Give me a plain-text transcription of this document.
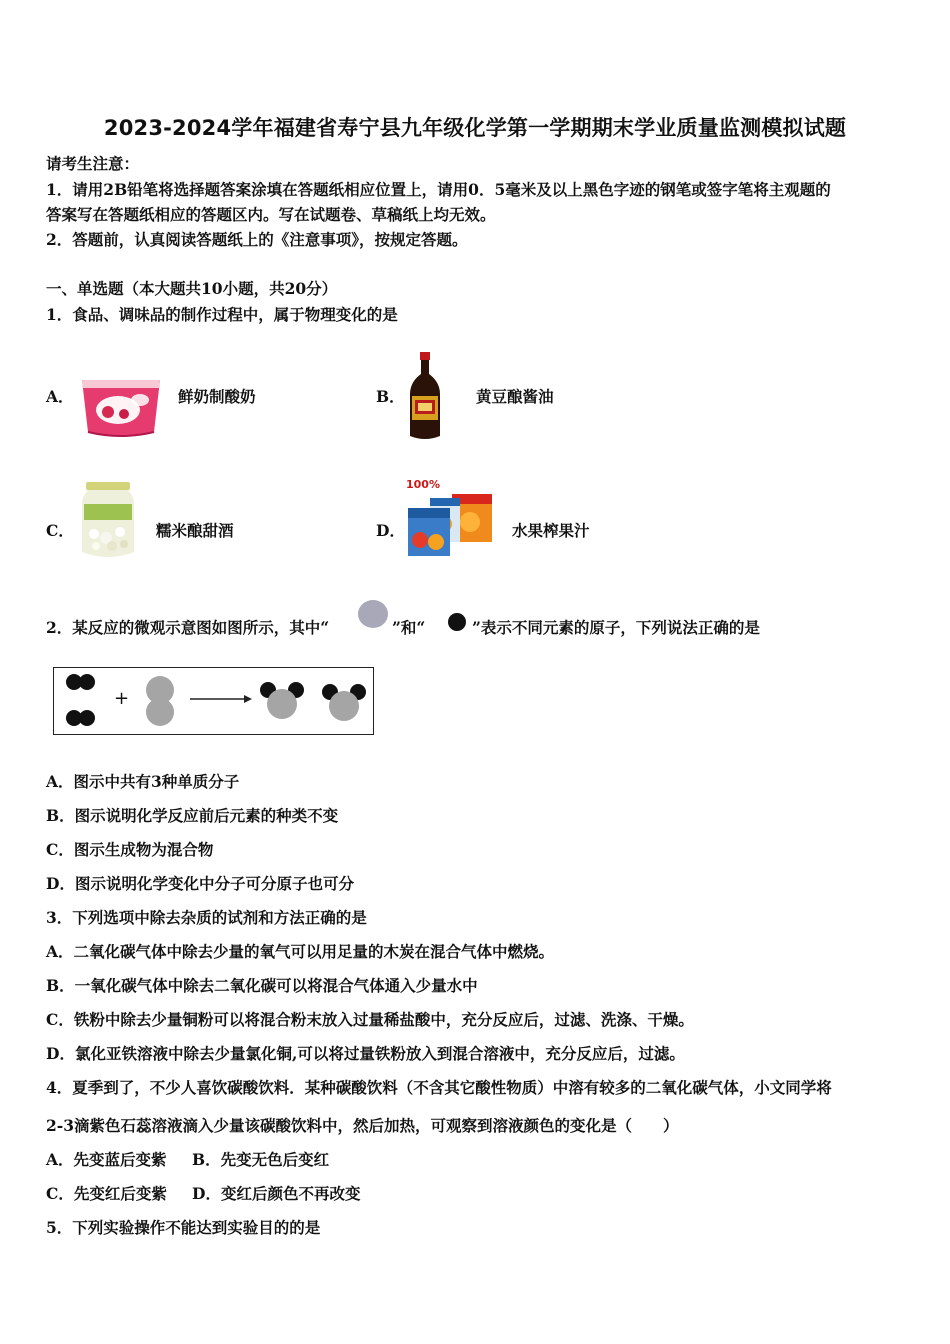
2023-2024学年福建省寿宁县九年级化学第一学期期末学业质量监测模拟试题
请考生注意：
1．请用2B铅笔将选择题答案涂填在答题纸相应位置上，请用0．5毫米及以上黑色字迹的钢笔或签字笔将主观题的
答案写在答题纸相应的答题区内。写在试题卷、草稿纸上均无效。
2．答题前，认真阅读答题纸上的《注意事项》，按规定答题。
一、单选题（本大题共10小题，共20分）
1．食品、调味品的制作过程中，属于物理变化的是
A．	鲜奶制酸奶	B．	黄豆酿酱油
C．	糯米酿甜酒	D．
100%
水果榨果汁
2．某反应的微观示意图如图所示，其中“	”和“	”表示不同元素的原子，下列说法正确的是
+
A．图示中共有3种单质分子
B．图示说明化学反应前后元素的种类不变
C．图示生成物为混合物
D．图示说明化学变化中分子可分原子也可分
3．下列选项中除去杂质的试剂和方法正确的是
A．二氧化碳气体中除去少量的氧气可以用足量的木炭在混合气体中燃烧。
B．一氧化碳气体中除去二氧化碳可以将混合气体通入少量水中
C．铁粉中除去少量铜粉可以将混合粉末放入过量稀盐酸中，充分反应后，过滤、洗涤、干燥。
D．氯化亚铁溶液中除去少量氯化铜,可以将过量铁粉放入到混合溶液中，充分反应后，过滤。
4．夏季到了，不少人喜饮碳酸饮料．某种碳酸饮料（不含其它酸性物质）中溶有较多的二氧化碳气体，小文同学将
2-3滴紫色石蕊溶液滴入少量该碳酸饮料中，然后加热，可观察到溶液颜色的变化是（　　）
A．先变蓝后变紫 B．先变无色后变红
C．先变红后变紫 D．变红后颜色不再改变
5．下列实验操作不能达到实验目的的是
